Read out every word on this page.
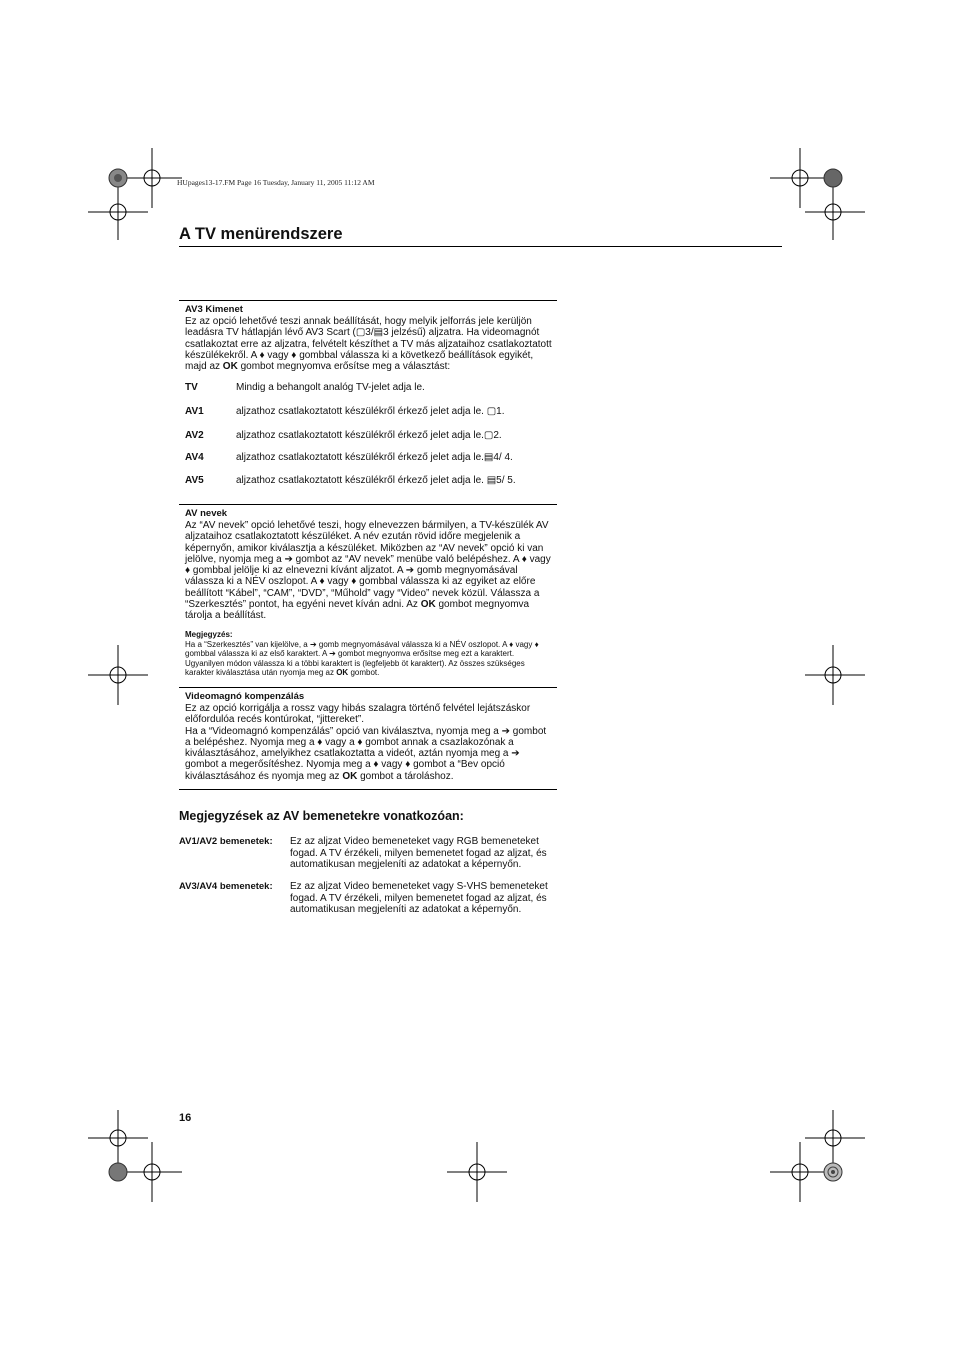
HUpages13-17.FM Page 16 Tuesday, January 11, 2005 11:12 AM
A TV menürendszere
AV3 Kimenet
Ez az opció lehetővé teszi annak beállítását, hogy melyik jelforrás jele kerüljön leadásra TV hátlapján lévő AV3 Scart (▢3/▤3 jelzésű) aljzatra. Ha videomagnót csatlakoztat erre az aljzatra, felvételt készíthet a TV más aljzataihoz csatlakoztatott készülékekről. A ♦ vagy ♦ gombbal válassza ki a következő beállítások egyikét, majd az OK gombot megnyomva erősítse meg a választást:
TV	Mindig a behangolt analóg TV-jelet adja le.
AV1	aljzathoz csatlakoztatott készülékről érkező jelet adja le. ▢1.
AV2	aljzathoz csatlakoztatott készülékről érkező jelet adja le.▢2.
AV4	aljzathoz csatlakoztatott készülékről érkező jelet adja le.▤4/ 4.
AV5	aljzathoz csatlakoztatott készülékről érkező jelet adja le. ▤5/ 5.
AV nevek
Az “AV nevek” opció lehetővé teszi, hogy elnevezzen bármilyen, a TV-készülék AV aljzataihoz csatlakoztatott készüléket. A név ezután rövid időre megjelenik a képernyőn, amikor kiválasztja a készüléket. Miközben az “AV nevek” opció ki van jelölve, nyomja meg a ➔ gombot az “AV nevek” menübe való belépéshez. A ♦ vagy ♦ gombbal jelölje ki az elnevezni kívánt aljzatot. A ➔ gomb megnyomásával válassza ki a NÉV oszlopot. A ♦ vagy ♦ gombbal válassza ki az egyiket az előre beállított “Kábel”, “CAM”, “DVD”, “Műhold” vagy “Video” nevek közül. Válassza a “Szerkesztés” pontot, ha egyéni nevet kíván adni. Az OK gombot megnyomva tárolja a beállítást.
Megjegyzés:
Ha a “Szerkesztés” van kijelölve, a ➔ gomb megnyomásával válassza ki a NÉV oszlopot. A ♦ vagy ♦ gombbal válassza ki az első karaktert. A ➔ gombot megnyomva erősítse meg ezt a karaktert. Ugyanilyen módon válassza ki a többi karaktert is (legfeljebb öt karaktert). Az összes szükséges karakter kiválasztása után nyomja meg az OK gombot.
Videomagnó kompenzálás
Ez az opció korrigálja a rossz vagy hibás szalagra történő felvétel lejátszáskor előfordulóa recés kontúrokat, “jittereket”.
Ha a “Videomagnó kompenzálás” opció van kiválasztva, nyomja meg a ➔ gombot a belépéshez. Nyomja meg a ♦ vagy a ♦ gombot annak a csazlakozónak a kiválasztásához, amelyikhez csatlakoztatta a videót, aztán nyomja meg a ➔ gombot a megerősítéshez. Nyomja meg a ♦ vagy ♦ gombot a “Bev opció kiválasztásához és nyomja meg az OK gombot a tároláshoz.
Megjegyzések az AV bemenetekre vonatkozóan:
AV1/AV2 bemenetek: Ez az aljzat Video bemeneteket vagy RGB bemeneteket fogad. A TV érzékeli, milyen bemenetet fogad az aljzat, és automatikusan megjeleníti az adatokat a képernyőn.
AV3/AV4 bemenetek: Ez az aljzat Video bemeneteket vagy S-VHS bemeneteket fogad. A TV érzékeli, milyen bemenetet fogad az aljzat, és automatikusan megjeleníti az adatokat a képernyőn.
16
